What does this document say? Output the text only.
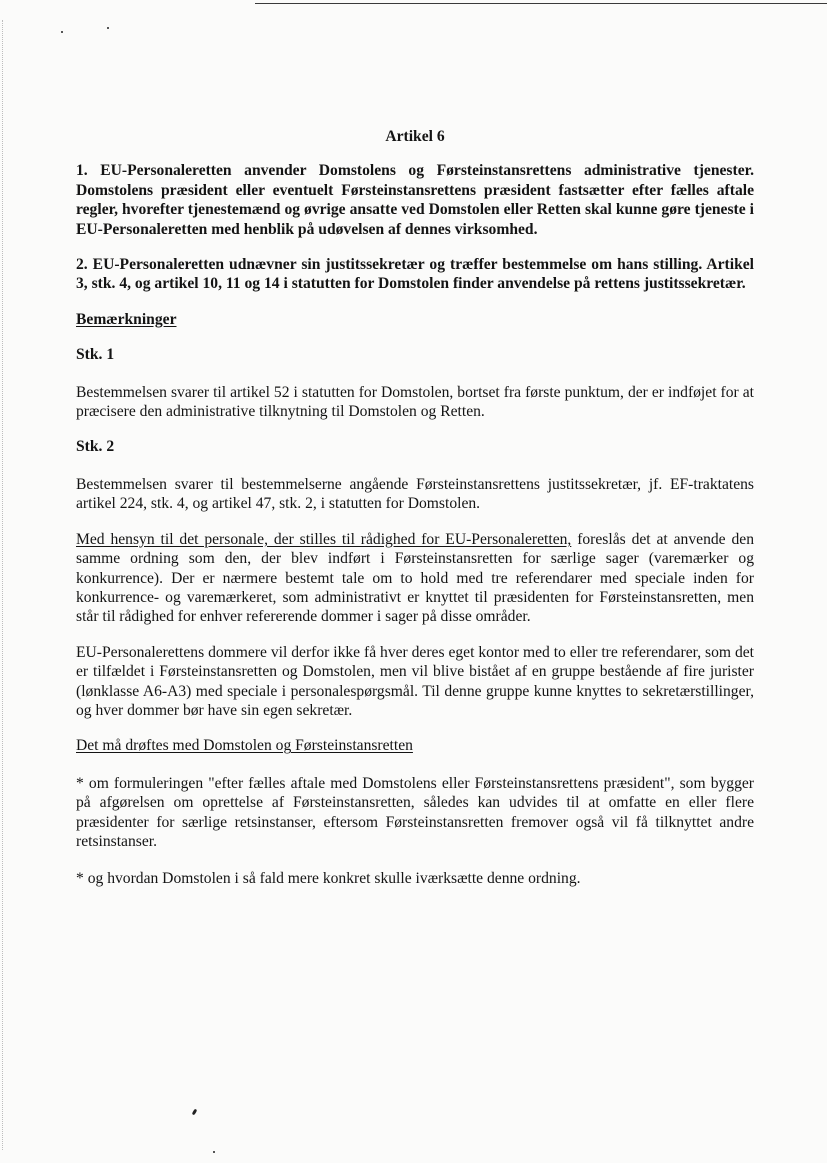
Artikel 6

1. EU-Personaleretten anvender Domstolens og Førsteinstansrettens administrative tjenester. Domstolens præsident eller eventuelt Førsteinstansrettens præsident fastsætter efter fælles aftale regler, hvorefter tjenestemænd og øvrige ansatte ved Domstolen eller Retten skal kunne gøre tjeneste i EU-Personaleretten med henblik på udøvelsen af dennes virksomhed.

2. EU-Personaleretten udnævner sin justitssekretær og træffer bestemmelse om hans stilling. Artikel 3, stk. 4, og artikel 10, 11 og 14 i statutten for Domstolen finder anvendelse på rettens justitssekretær.

Bemærkninger

Stk. 1

Bestemmelsen svarer til artikel 52 i statutten for Domstolen, bortset fra første punktum, der er indføjet for at præcisere den administrative tilknytning til Domstolen og Retten.

Stk. 2

Bestemmelsen svarer til bestemmelserne angående Førsteinstansrettens justitssekretær, jf. EF-traktatens artikel 224, stk. 4, og artikel 47, stk. 2, i statutten for Domstolen.

Med hensyn til det personale, der stilles til rådighed for EU-Personaleretten, foreslås det at anvende den samme ordning som den, der blev indført i Førsteinstansretten for særlige sager (varemærker og konkurrence). Der er nærmere bestemt tale om to hold med tre referendarer med speciale inden for konkurrence- og varemærkeret, som administrativt er knyttet til præsidenten for Førsteinstansretten, men står til rådighed for enhver refererende dommer i sager på disse områder.

EU-Personalerettens dommere vil derfor ikke få hver deres eget kontor med to eller tre referendarer, som det er tilfældet i Førsteinstansretten og Domstolen, men vil blive bistået af en gruppe bestående af fire jurister (lønklasse A6-A3) med speciale i personalespørgsmål. Til denne gruppe kunne knyttes to sekretærstillinger, og hver dommer bør have sin egen sekretær.

Det må drøftes med Domstolen og Førsteinstansretten

* om formuleringen "efter fælles aftale med Domstolens eller Førsteinstansrettens præsident", som bygger på afgørelsen om oprettelse af Førsteinstansretten, således kan udvides til at omfatte en eller flere præsidenter for særlige retsinstanser, eftersom Førsteinstansretten fremover også vil få tilknyttet andre retsinstanser.

* og hvordan Domstolen i så fald mere konkret skulle iværksætte denne ordning.
